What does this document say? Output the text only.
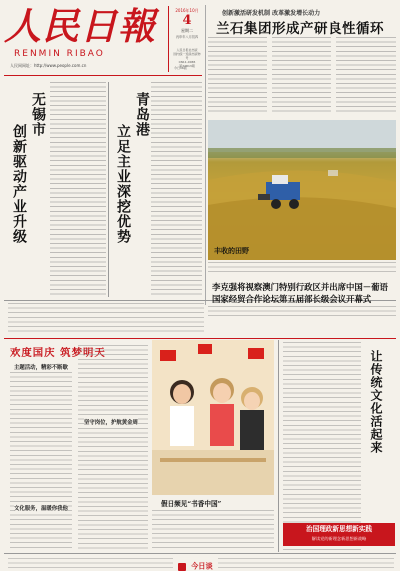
人民日報
RENMIN RIBAO
人民网网址：http://www.people.com.cn
2016年10月
4
星期二
丙申年八月初四
人民日报社出版
国内统一连续出版物号
CN11-0065
第24813期
今日16版
创新激活研发机制 改革激发增长动力
兰石集团形成产研良性循环
无锡市
创新驱动产业升级
青岛港
立足主业深挖优势
丰收的田野
李克强将视察澳门特别行政区并出席中国－葡语
国家经贸合作论坛第五届部长级会议开幕式
欢度国庆 筑梦明天
主题活动，精彩不断歇
文化服务，温暖你我他
坚守岗位，护航黄金周
假日频见“书香中国”
让传统文化活起来
治国理政新思想新实践
解读党的新理念新思想新战略
今日谈
